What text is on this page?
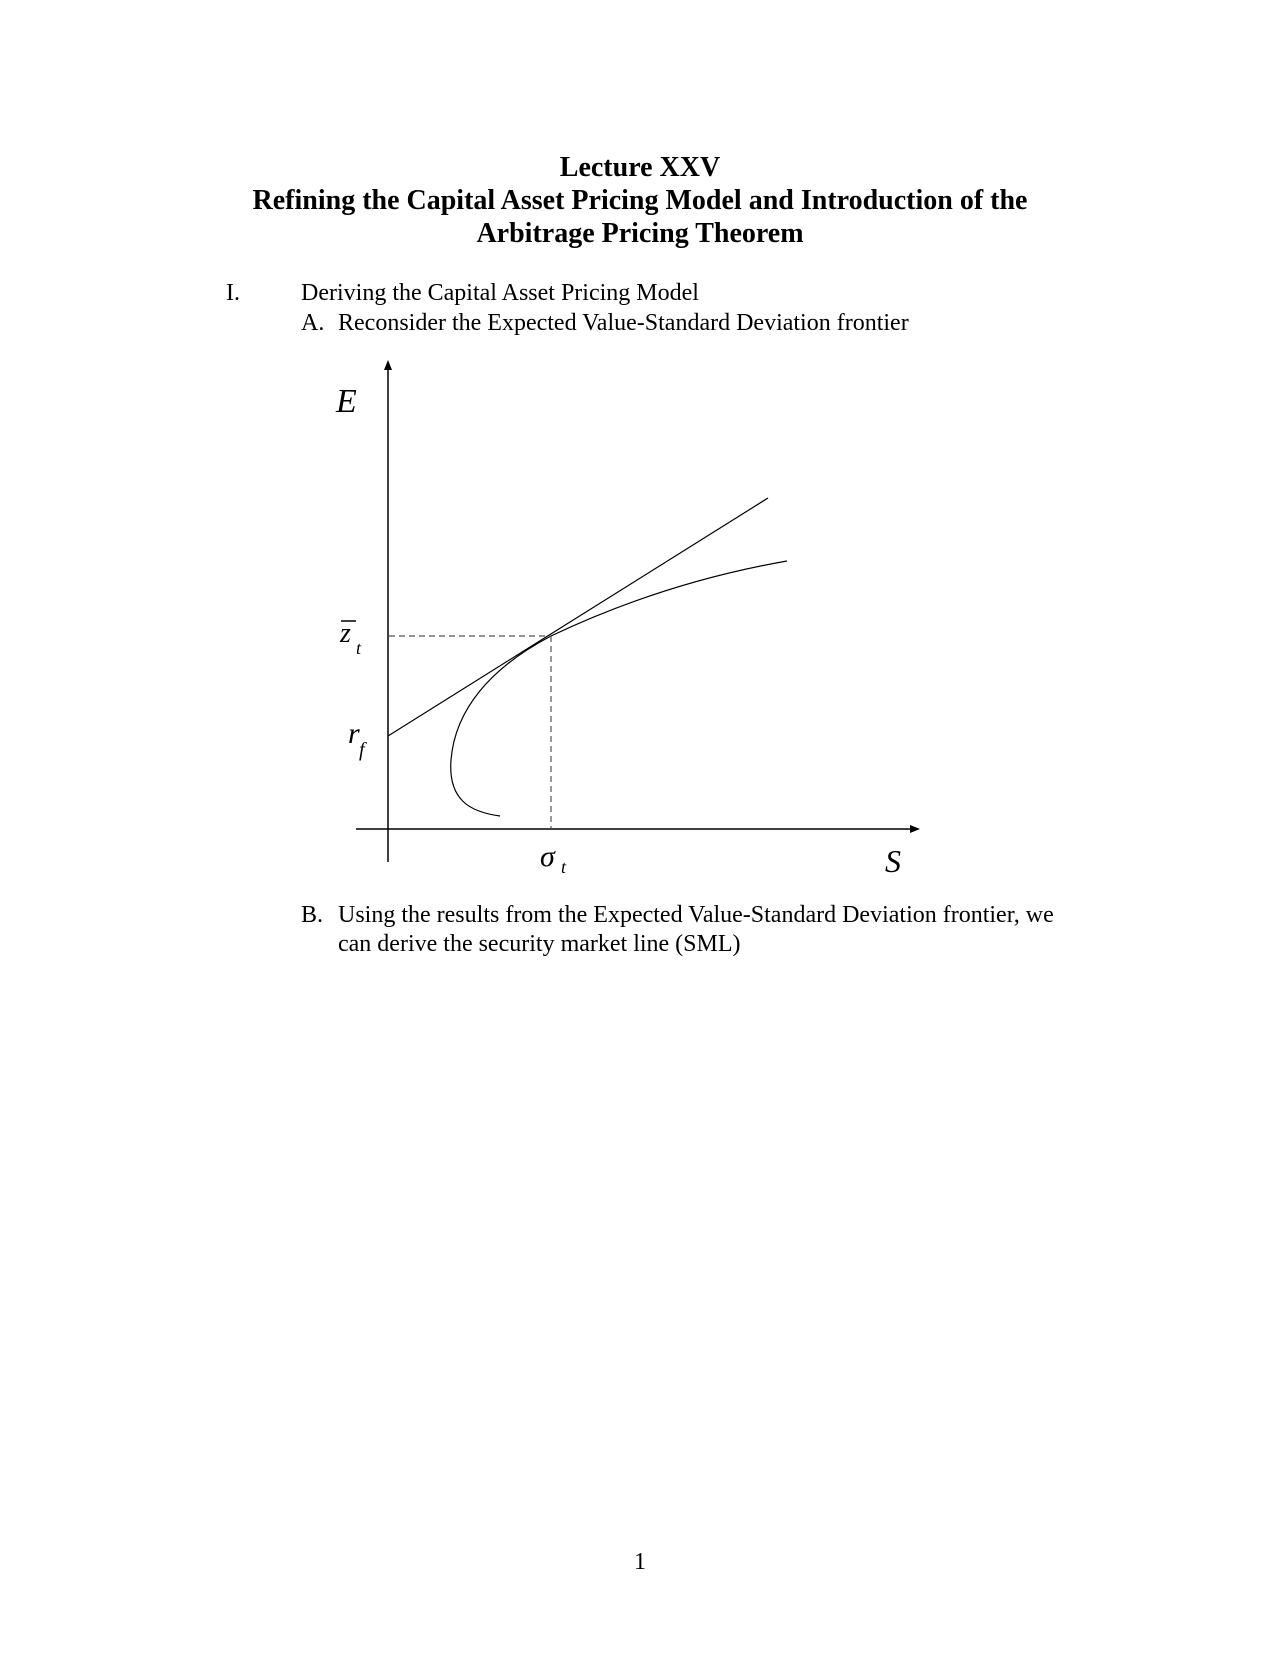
Lecture XXV
Refining the Capital Asset Pricing Model and Introduction of the
Arbitrage Pricing Theorem
I.	Deriving the Capital Asset Pricing Model
A. Reconsider the Expected Value-Standard Deviation frontier
E
S
z t
r f
σ t
B. Using the results from the Expected Value-Standard Deviation frontier, we
can derive the security market line (SML)
1
